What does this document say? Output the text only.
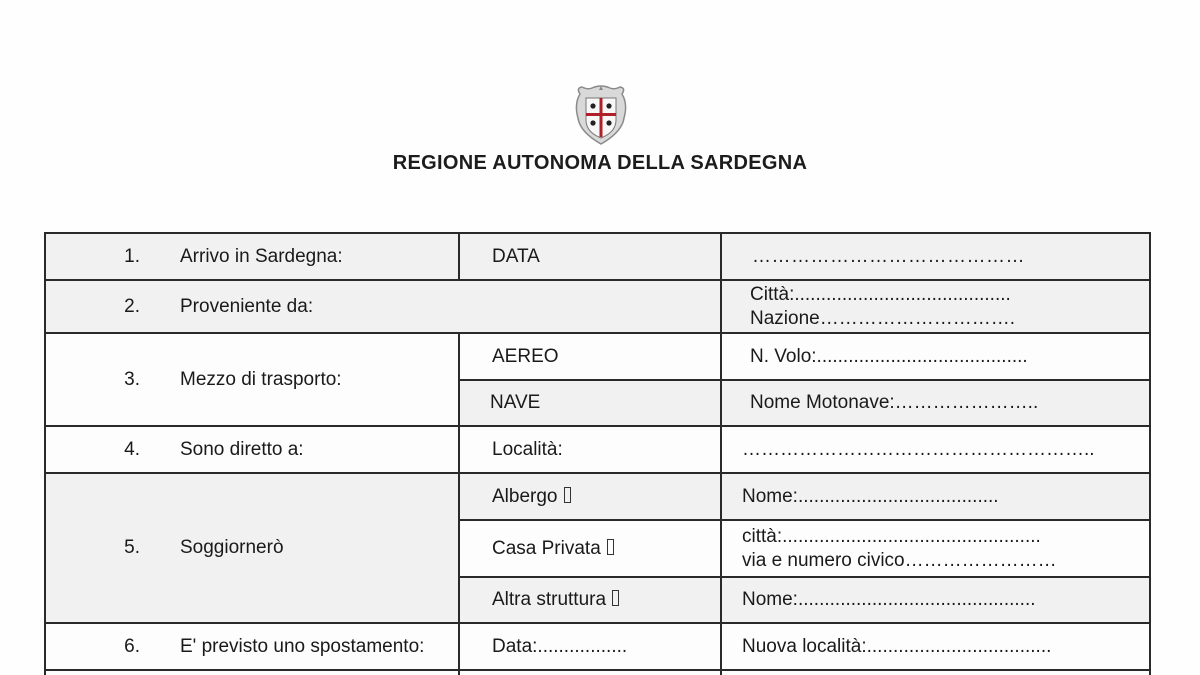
REGIONE AUTONOMA DELLA SARDEGNA
1. Arrivo in Sardegna:	DATA	……………………………………

2. Proveniente da:		Città:.........................................
Nazione………………………….

3. Mezzo di trasporto:	AEREO	N. Volo:........................................

	NAVE	Nome Motonave:…………………..

4. Sono diretto a:	Località:	………………………………………………..

5. Soggiornerò	Albergo	Nome:......................................

	Casa Privata	città:.................................................
via e numero civico……………………

	Altra struttura	Nome:.............................................

6. E' previsto uno spostamento:	Data:.................	Nuova località:...................................
